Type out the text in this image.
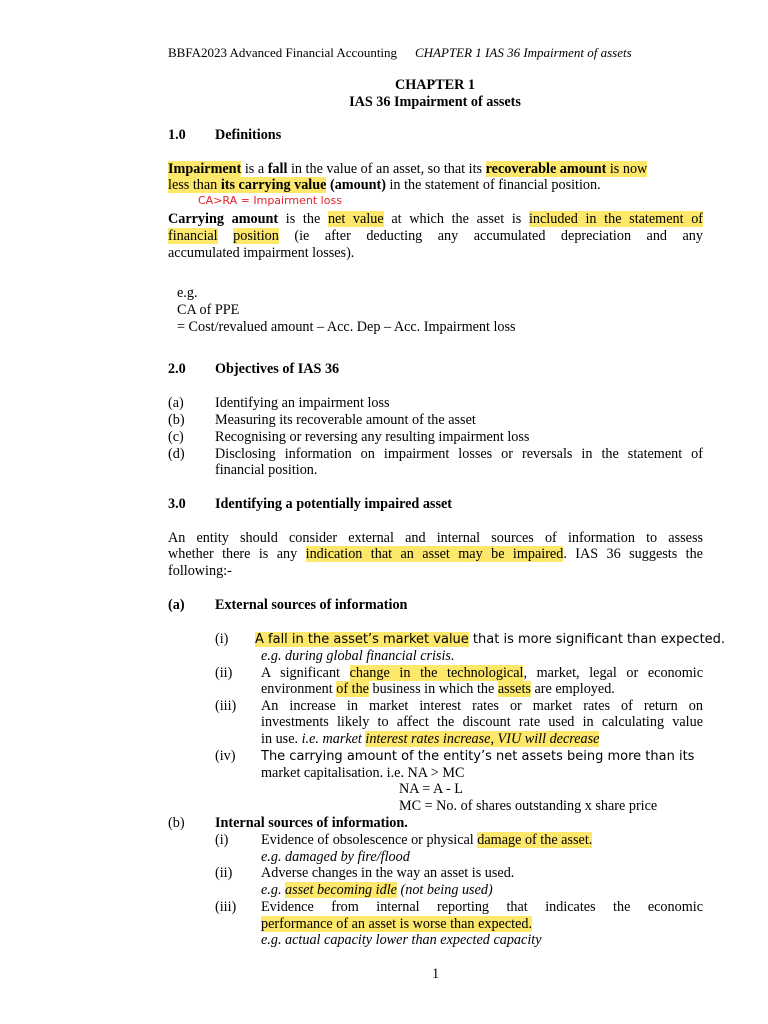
BBFA2023 Advanced Financial Accounting CHAPTER 1 IAS 36 Impairment of assets
CHAPTER 1
IAS 36 Impairment of assets
1.0 Definitions
Impairment is a fall in the value of an asset, so that its recoverable amount is now
less than its carrying value (amount) in the statement of financial position.
CA>RA = Impairment loss
Carrying amount is the net value at which the asset is included in the statement of
financial position (ie after deducting any accumulated depreciation and any
accumulated impairment losses).
e.g.
CA of PPE
= Cost/revalued amount – Acc. Dep – Acc. Impairment loss
2.0 Objectives of IAS 36
(a) Identifying an impairment loss
(b) Measuring its recoverable amount of the asset
(c) Recognising or reversing any resulting impairment loss
(d) Disclosing information on impairment losses or reversals in the statement of
financial position.
3.0 Identifying a potentially impaired asset
An entity should consider external and internal sources of information to assess
whether there is any indication that an asset may be impaired. IAS 36 suggests the
following:-
(a) External sources of information
(i) A fall in the asset’s market value that is more significant than expected.
e.g. during global financial crisis.
(ii) A significant change in the technological, market, legal or economic
environment of the business in which the assets are employed.
(iii) An increase in market interest rates or market rates of return on
investments likely to affect the discount rate used in calculating value
in use. i.e. market interest rates increase, VIU will decrease
(iv) The carrying amount of the entity’s net assets being more than its
market capitalisation. i.e. NA > MC
NA = A - L
MC = No. of shares outstanding x share price
(b) Internal sources of information.
(i) Evidence of obsolescence or physical damage of the asset.
e.g. damaged by fire/flood
(ii) Adverse changes in the way an asset is used.
e.g. asset becoming idle (not being used)
(iii) Evidence from internal reporting that indicates the economic
performance of an asset is worse than expected.
e.g. actual capacity lower than expected capacity
1
